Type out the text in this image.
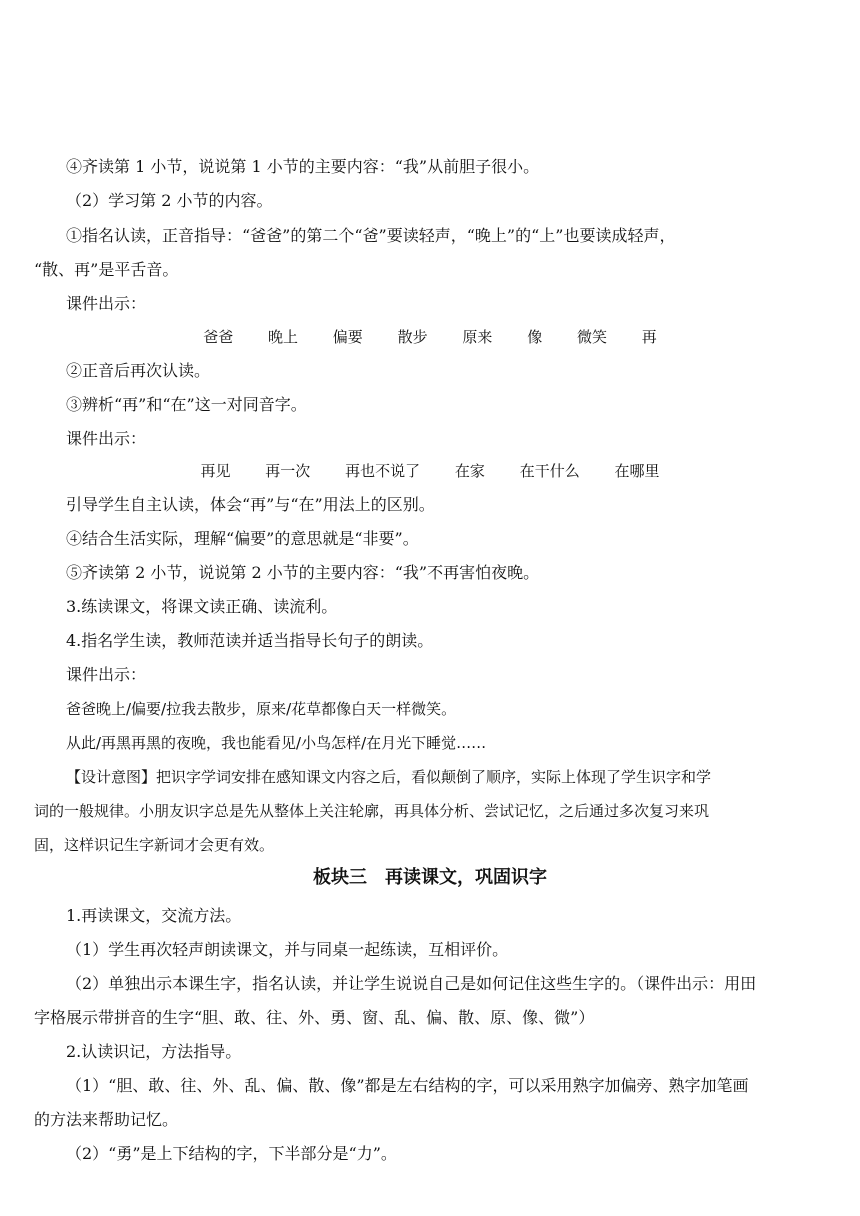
④齐读第 1 小节，说说第 1 小节的主要内容：“我”从前胆子很小。
（2）学习第 2 小节的内容。
①指名认读，正音指导：“爸爸”的第二个“爸”要读轻声，“晚上”的“上”也要读成轻声，
“散、再”是平舌音。
课件出示：
爸爸 晚上 偏要 散步 原来 像 微笑 再
②正音后再次认读。
③辨析“再”和“在”这一对同音字。
课件出示：
再见 再一次 再也不说了 在家 在干什么 在哪里
引导学生自主认读，体会“再”与“在”用法上的区别。
④结合生活实际，理解“偏要”的意思就是“非要”。
⑤齐读第 2 小节，说说第 2 小节的主要内容：“我”不再害怕夜晚。
3.练读课文，将课文读正确、读流利。
4.指名学生读，教师范读并适当指导长句子的朗读。
课件出示：
爸爸晚上/偏要/拉我去散步，原来/花草都像白天一样微笑。
从此/再黑再黑的夜晚，我也能看见/小鸟怎样/在月光下睡觉……
【设计意图】把识字学词安排在感知课文内容之后，看似颠倒了顺序，实际上体现了学生识字和学
词的一般规律。小朋友识字总是先从整体上关注轮廓，再具体分析、尝试记忆，之后通过多次复习来巩
固，这样识记生字新词才会更有效。
板块三　再读课文，巩固识字
1.再读课文，交流方法。
（1）学生再次轻声朗读课文，并与同桌一起练读，互相评价。
（2）单独出示本课生字，指名认读，并让学生说说自己是如何记住这些生字的。（课件出示：用田
字格展示带拼音的生字“胆、敢、往、外、勇、窗、乱、偏、散、原、像、微”）
2.认读识记，方法指导。
（1）“胆、敢、往、外、乱、偏、散、像”都是左右结构的字，可以采用熟字加偏旁、熟字加笔画
的方法来帮助记忆。
（2）“勇”是上下结构的字，下半部分是“力”。
